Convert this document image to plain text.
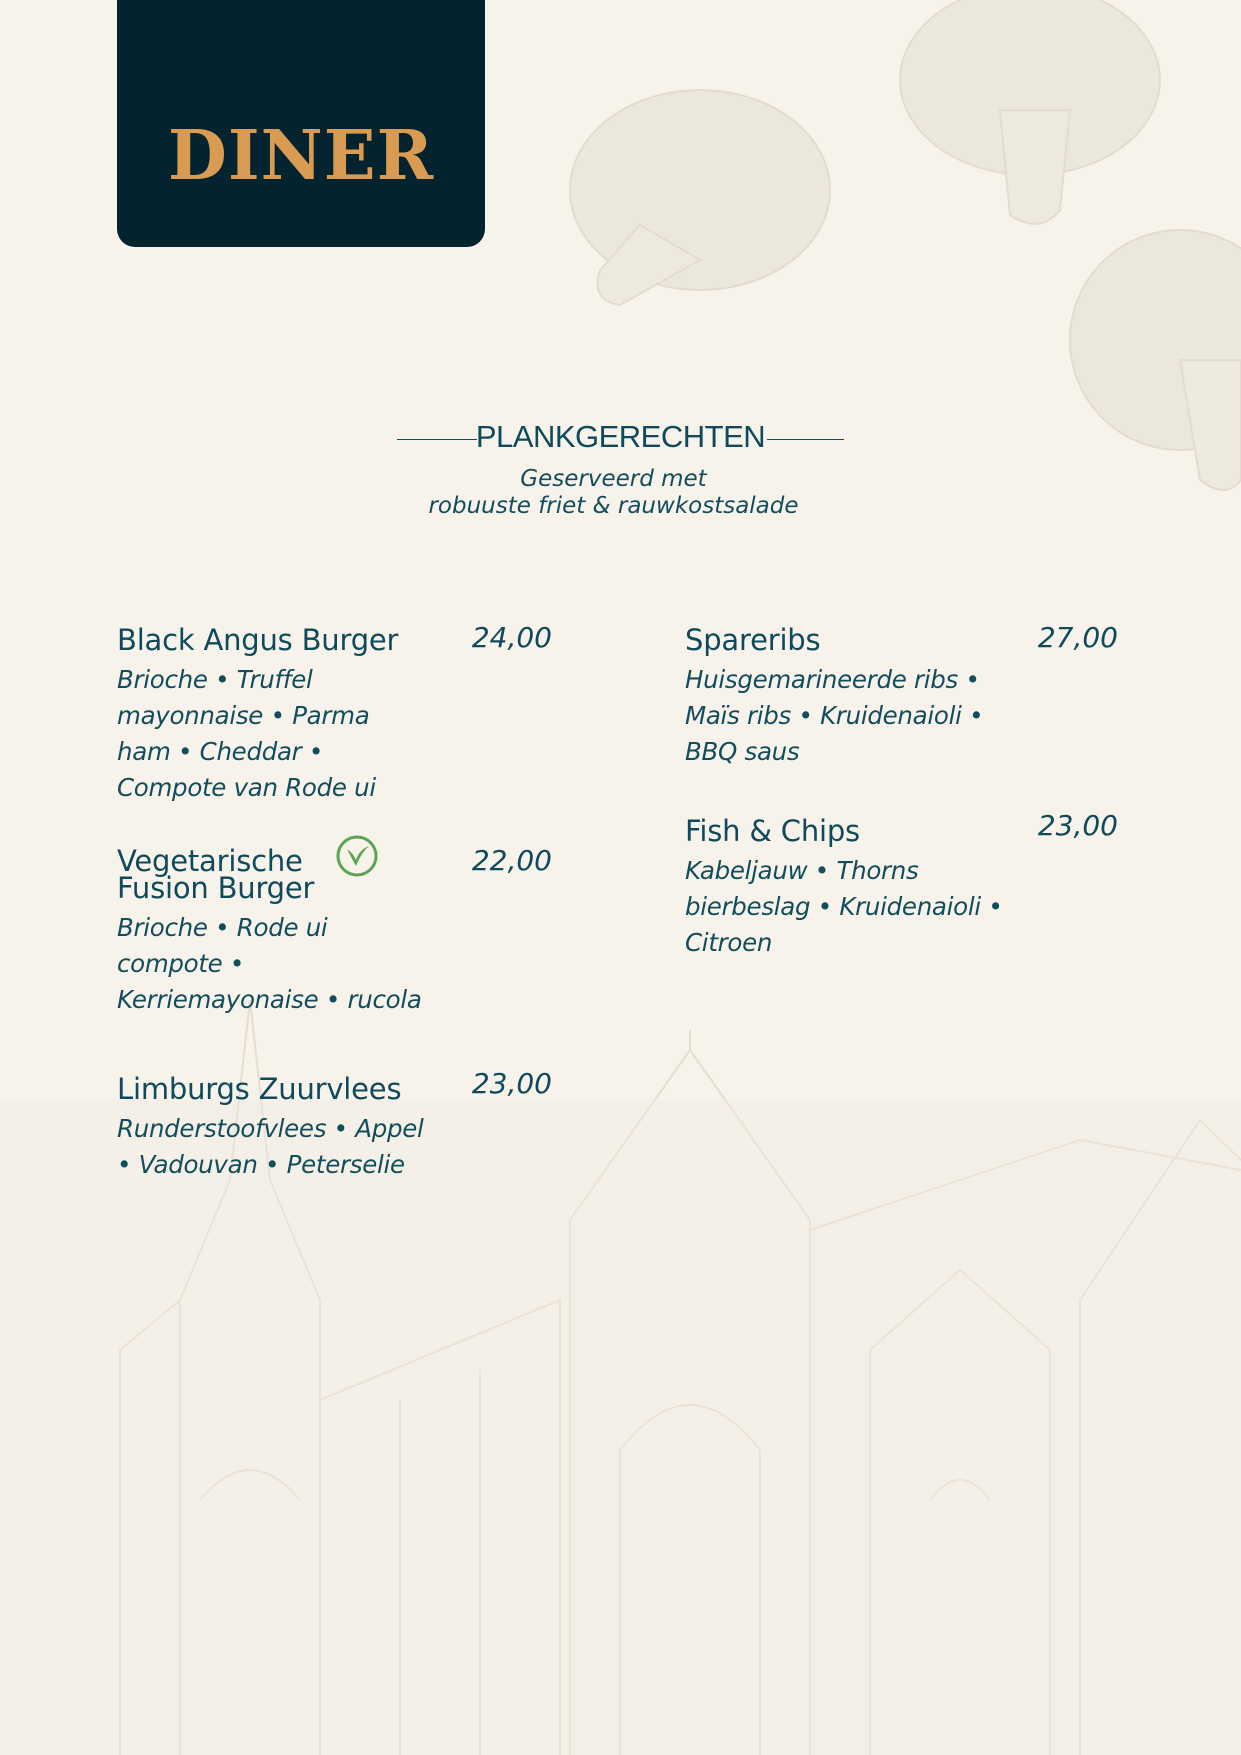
DINER
PLANKGERECHTEN
Geserveerd met
robuuste friet & rauwkostsalade
Black Angus Burger
Brioche • Truffel
mayonnaise • Parma
ham • Cheddar •
Compote van Rode ui
24,00
Vegetarische
Fusion Burger
Brioche • Rode ui
compote •
Kerriemayonaise • rucola
22,00
Limburgs Zuurvlees
Runderstoofvlees • Appel
• Vadouvan • Peterselie
23,00
Spareribs
Huisgemarineerde ribs •
Maïs ribs • Kruidenaioli •
BBQ saus
27,00
Fish & Chips
Kabeljauw • Thorns
bierbeslag • Kruidenaioli •
Citroen
23,00
